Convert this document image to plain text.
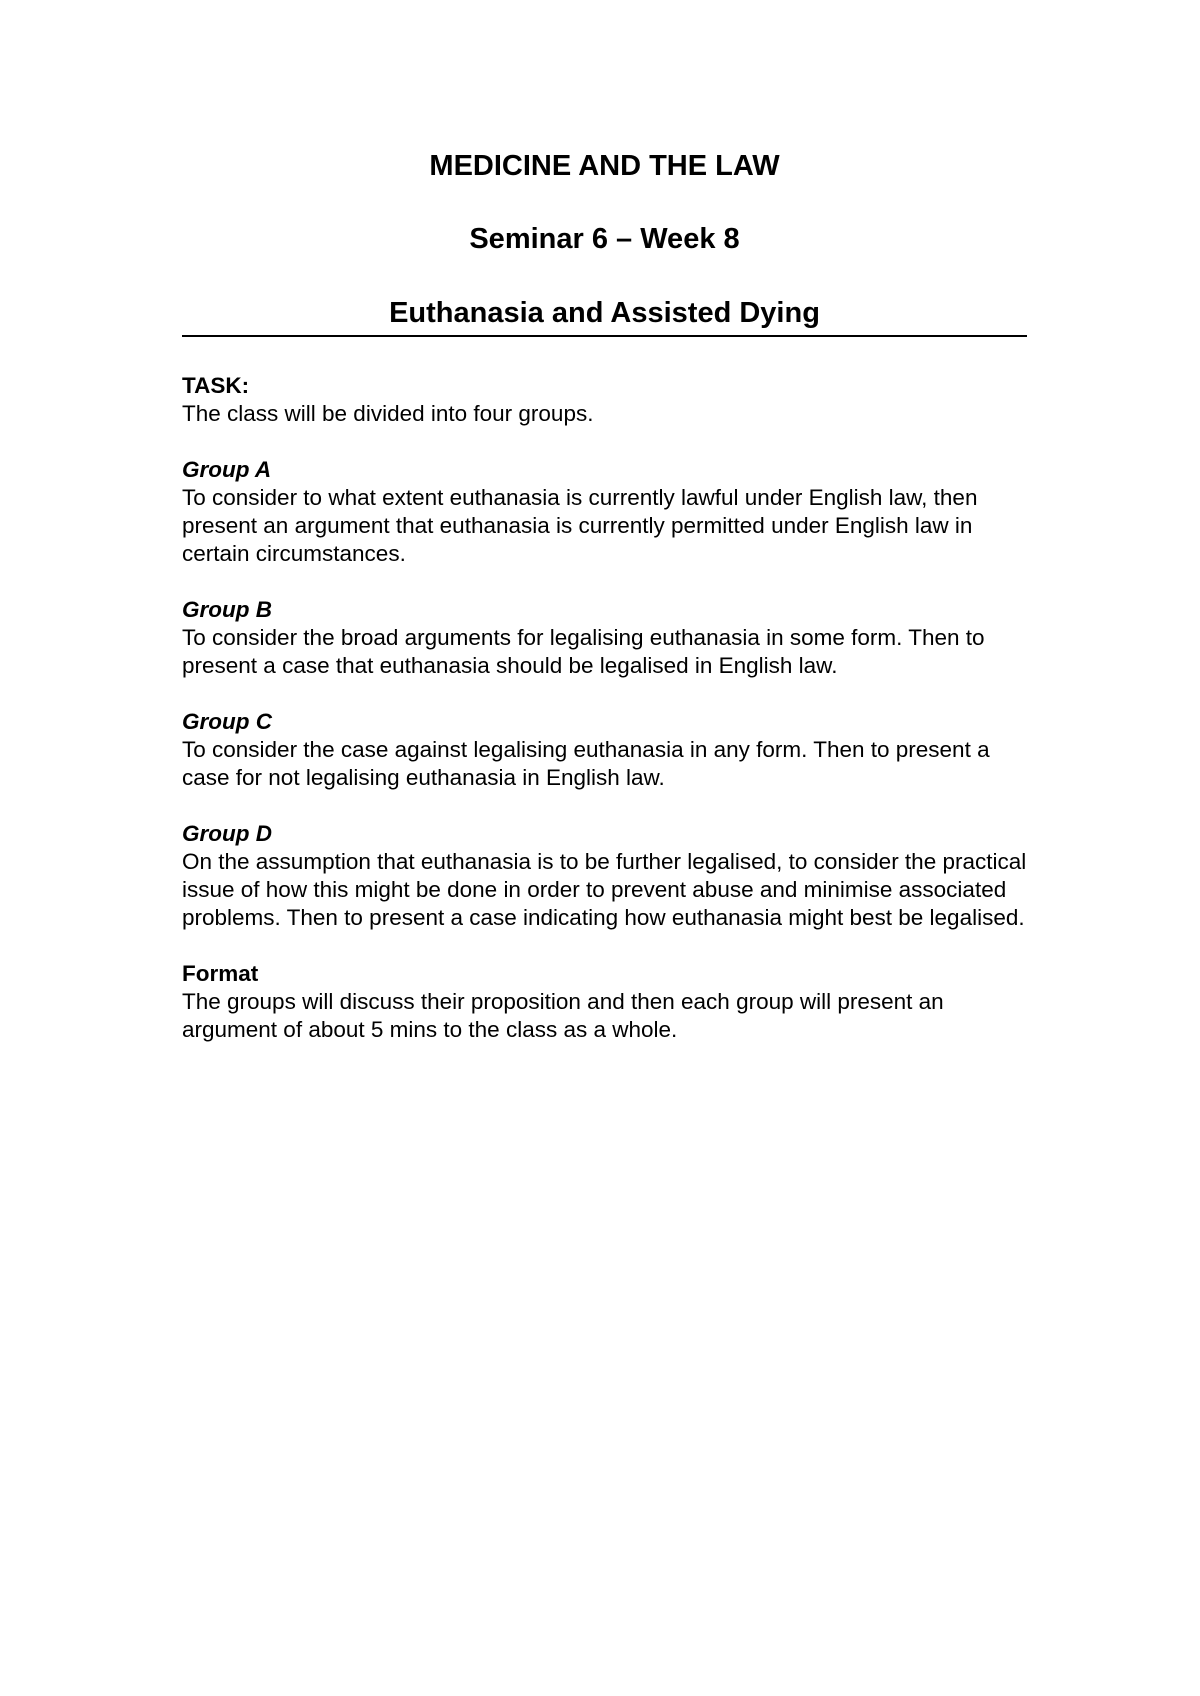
MEDICINE AND THE LAW

Seminar 6 – Week 8

Euthanasia and Assisted Dying

TASK:

The class will be divided into four groups.

Group A

To consider to what extent euthanasia is currently lawful under English law, then present an argument that euthanasia is currently permitted under English law in certain circumstances.

Group B

To consider the broad arguments for legalising euthanasia in some form. Then to present a case that euthanasia should be legalised in English law.

Group C

To consider the case against legalising euthanasia in any form. Then to present a case for not legalising euthanasia in English law.

Group D

On the assumption that euthanasia is to be further legalised, to consider the practical issue of how this might be done in order to prevent abuse and minimise associated problems. Then to present a case indicating how euthanasia might best be legalised.

Format

The groups will discuss their proposition and then each group will present an argument of about 5 mins to the class as a whole.
